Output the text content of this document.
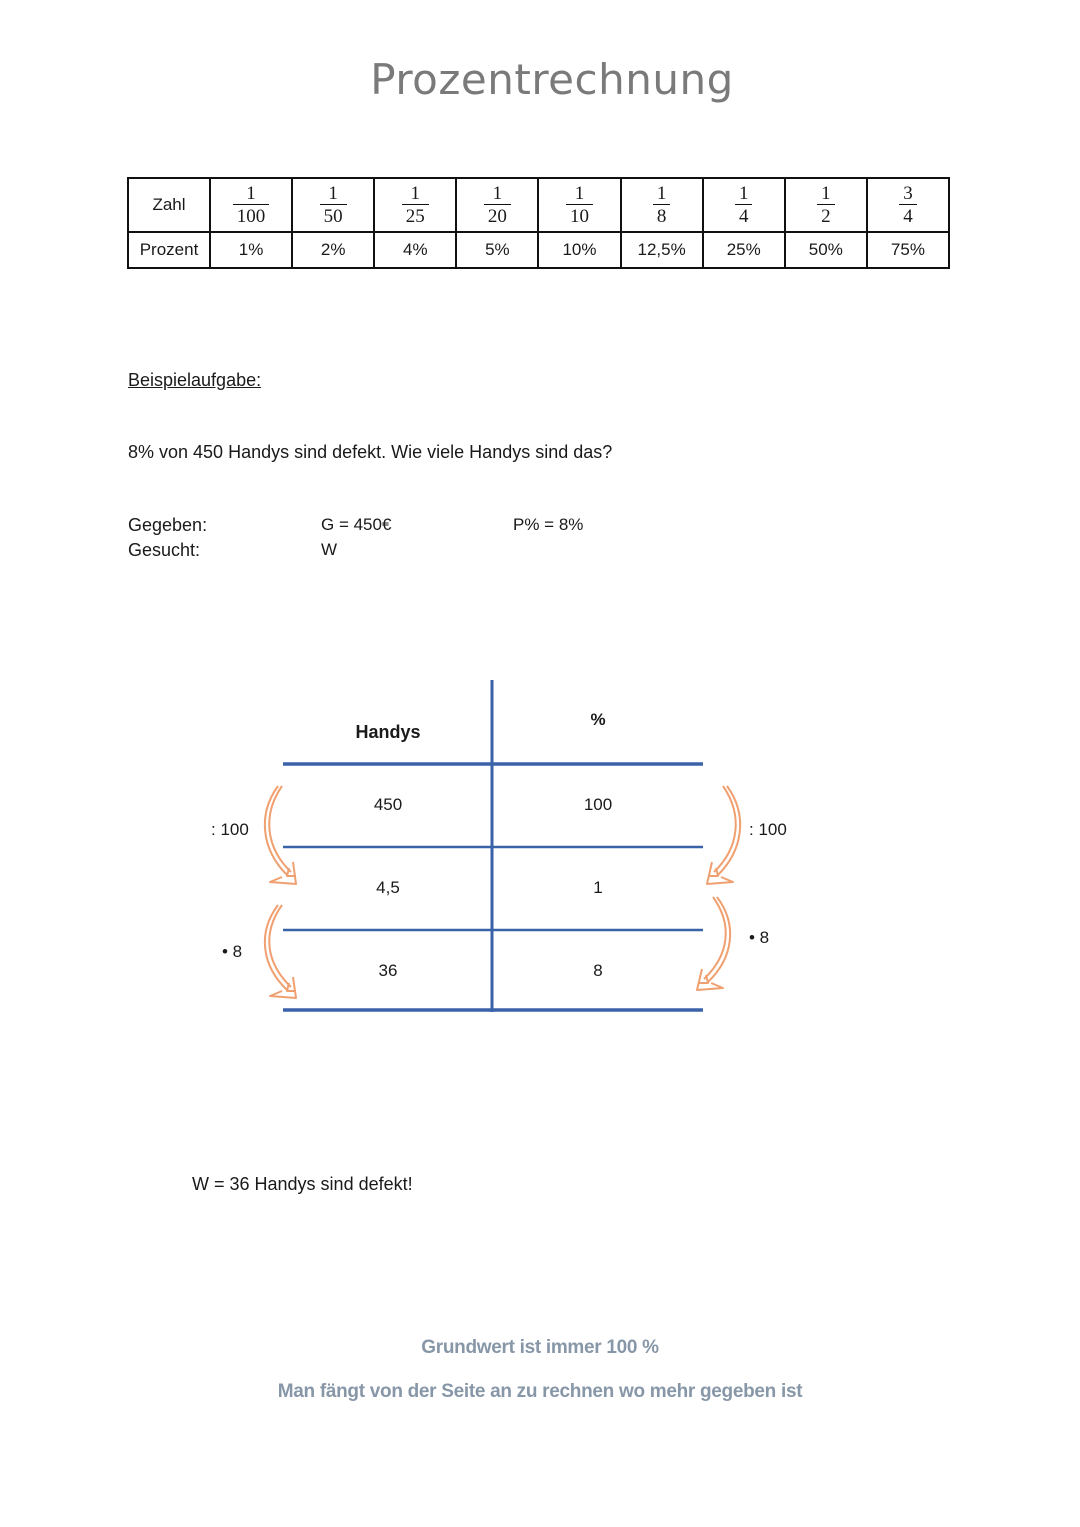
Prozentrechnung
Zahl	$\frac{1}{100}$	$\frac{1}{50}$	$\frac{1}{25}$	$\frac{1}{20}$	$\frac{1}{10}$	$\frac{1}{8}$	$\frac{1}{4}$	$\frac{1}{2}$	$\frac{3}{4}$

Prozent	1%	2%	4%	5%	10%	12,5%	25%	50%	75%
Beispielaufgabe:
8% von 450 Handys sind defekt. Wie viele Handys sind das?
Gegeben:
Gesucht:
G = 450€	P% = 8%
W
Handys
%
450	100
4,5	1
36	8
: 100
• 8
: 100
• 8
W = 36 Handys sind defekt!
Grundwert ist immer 100 %
Man fängt von der Seite an zu rechnen wo mehr gegeben ist
